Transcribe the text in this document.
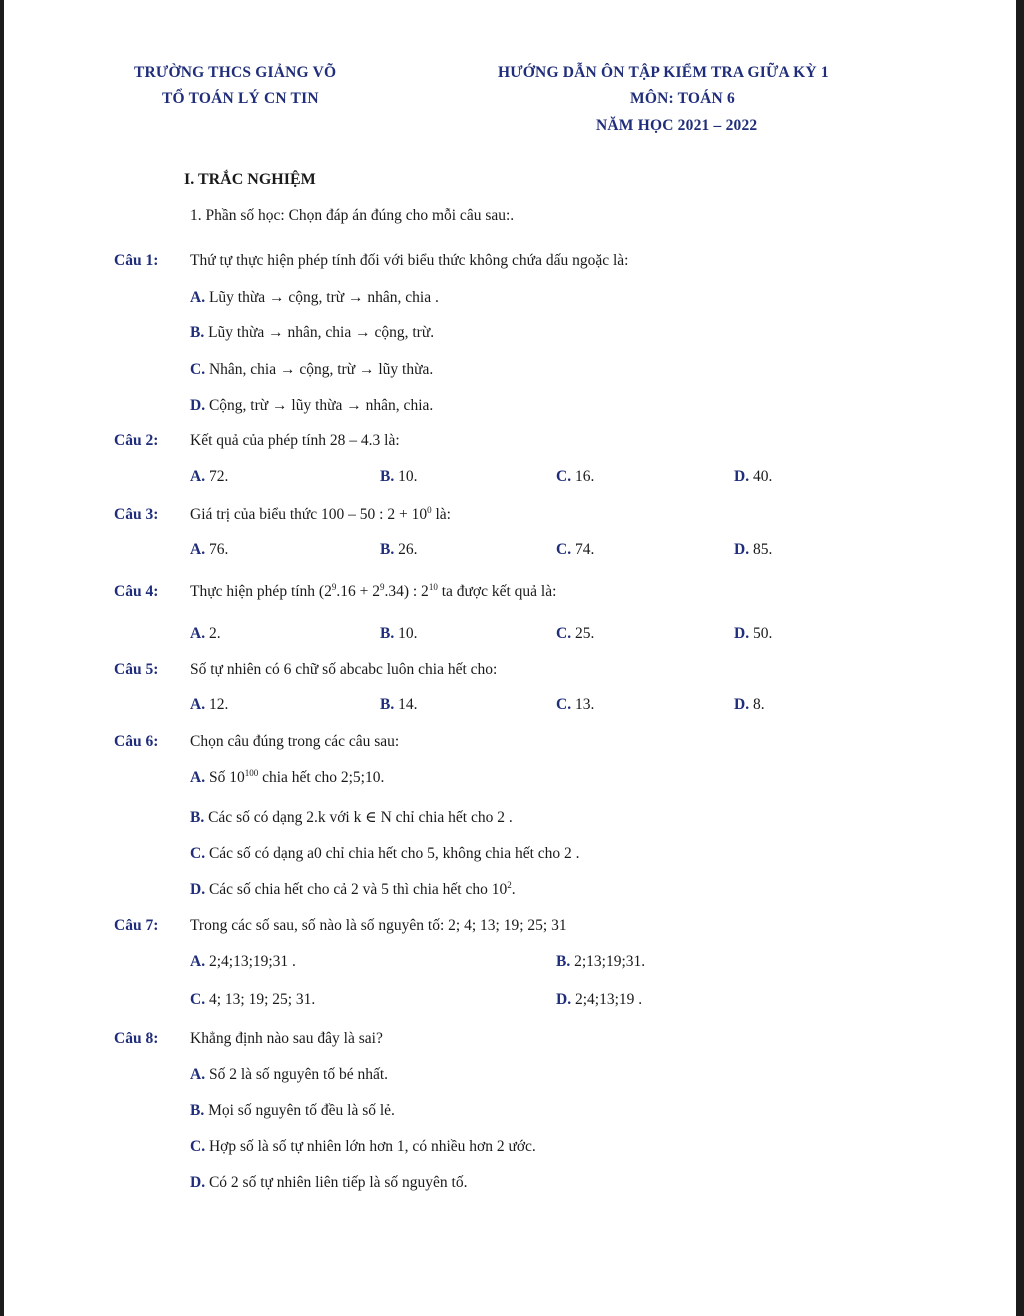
TRƯỜNG THCS GIẢNG VÕ
TỔ TOÁN LÝ CN TIN
HƯỚNG DẪN ÔN TẬP KIỂM TRA GIỮA KỲ 1
MÔN: TOÁN 6
NĂM HỌC 2021 – 2022
I. TRẮC NGHIỆM
1. Phần số học: Chọn đáp án đúng cho mỗi câu sau:.
Câu 1: Thứ tự thực hiện phép tính đối với biểu thức không chứa dấu ngoặc là:
A. Lũy thừa → cộng, trừ → nhân, chia .
B. Lũy thừa → nhân, chia → cộng, trừ.
C. Nhân, chia → cộng, trừ → lũy thừa.
D. Cộng, trừ → lũy thừa → nhân, chia.
Câu 2: Kết quả của phép tính 28 – 4.3 là:
A. 72.	B. 10.	C. 16.	D. 40.
Câu 3: Giá trị của biểu thức 100 – 50 : $2 + 10^0$ là:
A. 76.	B. 26.	C. 74.	D. 85.
Câu 4: Thực hiện phép tính $(2^9.16 + 2^9.34)$ : $2^{10}$ ta được kết quả là:
A. 2.	B. 10.	C. 25.	D. 50.
Câu 5: Số tự nhiên có 6 chữ số abcabc luôn chia hết cho:
A. 12.	B. 14.	C. 13.	D. 8.
Câu 6: Chọn câu đúng trong các câu sau:
A. Số $10^{100}$ chia hết cho 2;5;10.
B. Các số có dạng 2.k với k ∈ N chỉ chia hết cho 2 .
C. Các số có dạng a0 chỉ chia hết cho 5, không chia hết cho 2 .
D. Các số chia hết cho cả 2 và 5 thì chia hết cho $10^2$.
Câu 7: Trong các số sau, số nào là số nguyên tố: 2; 4; 13; 19; 25; 31
A. 2;4;13;19;31 .	B. 2;13;19;31.
C. 4; 13; 19; 25; 31.	D. 2;4;13;19 .
Câu 8: Khẳng định nào sau đây là sai?
A. Số 2 là số nguyên tố bé nhất.
B. Mọi số nguyên tố đều là số lẻ.
C. Hợp số là số tự nhiên lớn hơn 1, có nhiều hơn 2 ước.
D. Có 2 số tự nhiên liên tiếp là số nguyên tố.
